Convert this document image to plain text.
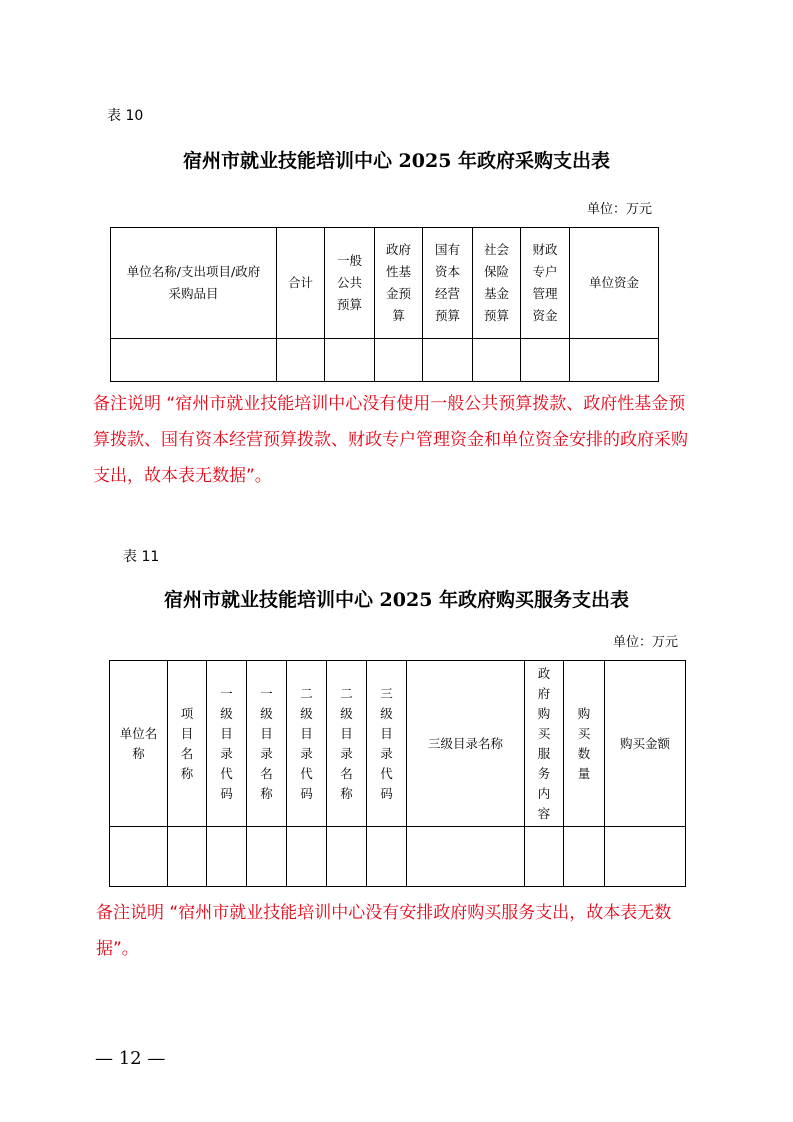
表 10
宿州市就业技能培训中心 2025 年政府采购支出表
单位：万元
单位名称/支出项目/政府采购品目	合计	一般公共预算	政府性基金预算	国有资本经营预算	社会保险基金预算	财政专户管理资金	单位资金

备注说明 “宿州市就业技能培训中心没有使用一般公共预算拨款、政府性基金预算拨款、国有资本经营预算拨款、财政专户管理资金和单位资金安排的政府采购支出，故本表无数据”。
表 11
宿州市就业技能培训中心 2025 年政府购买服务支出表
单位：万元
单位名称	项目名称	一级目录代码	一级目录名称	二级目录代码	二级目录名称	三级目录代码	三级目录名称	政府购买服务内容	购买数量	购买金额

备注说明 “宿州市就业技能培训中心没有安排政府购买服务支出，故本表无数据”。
— 12 —
